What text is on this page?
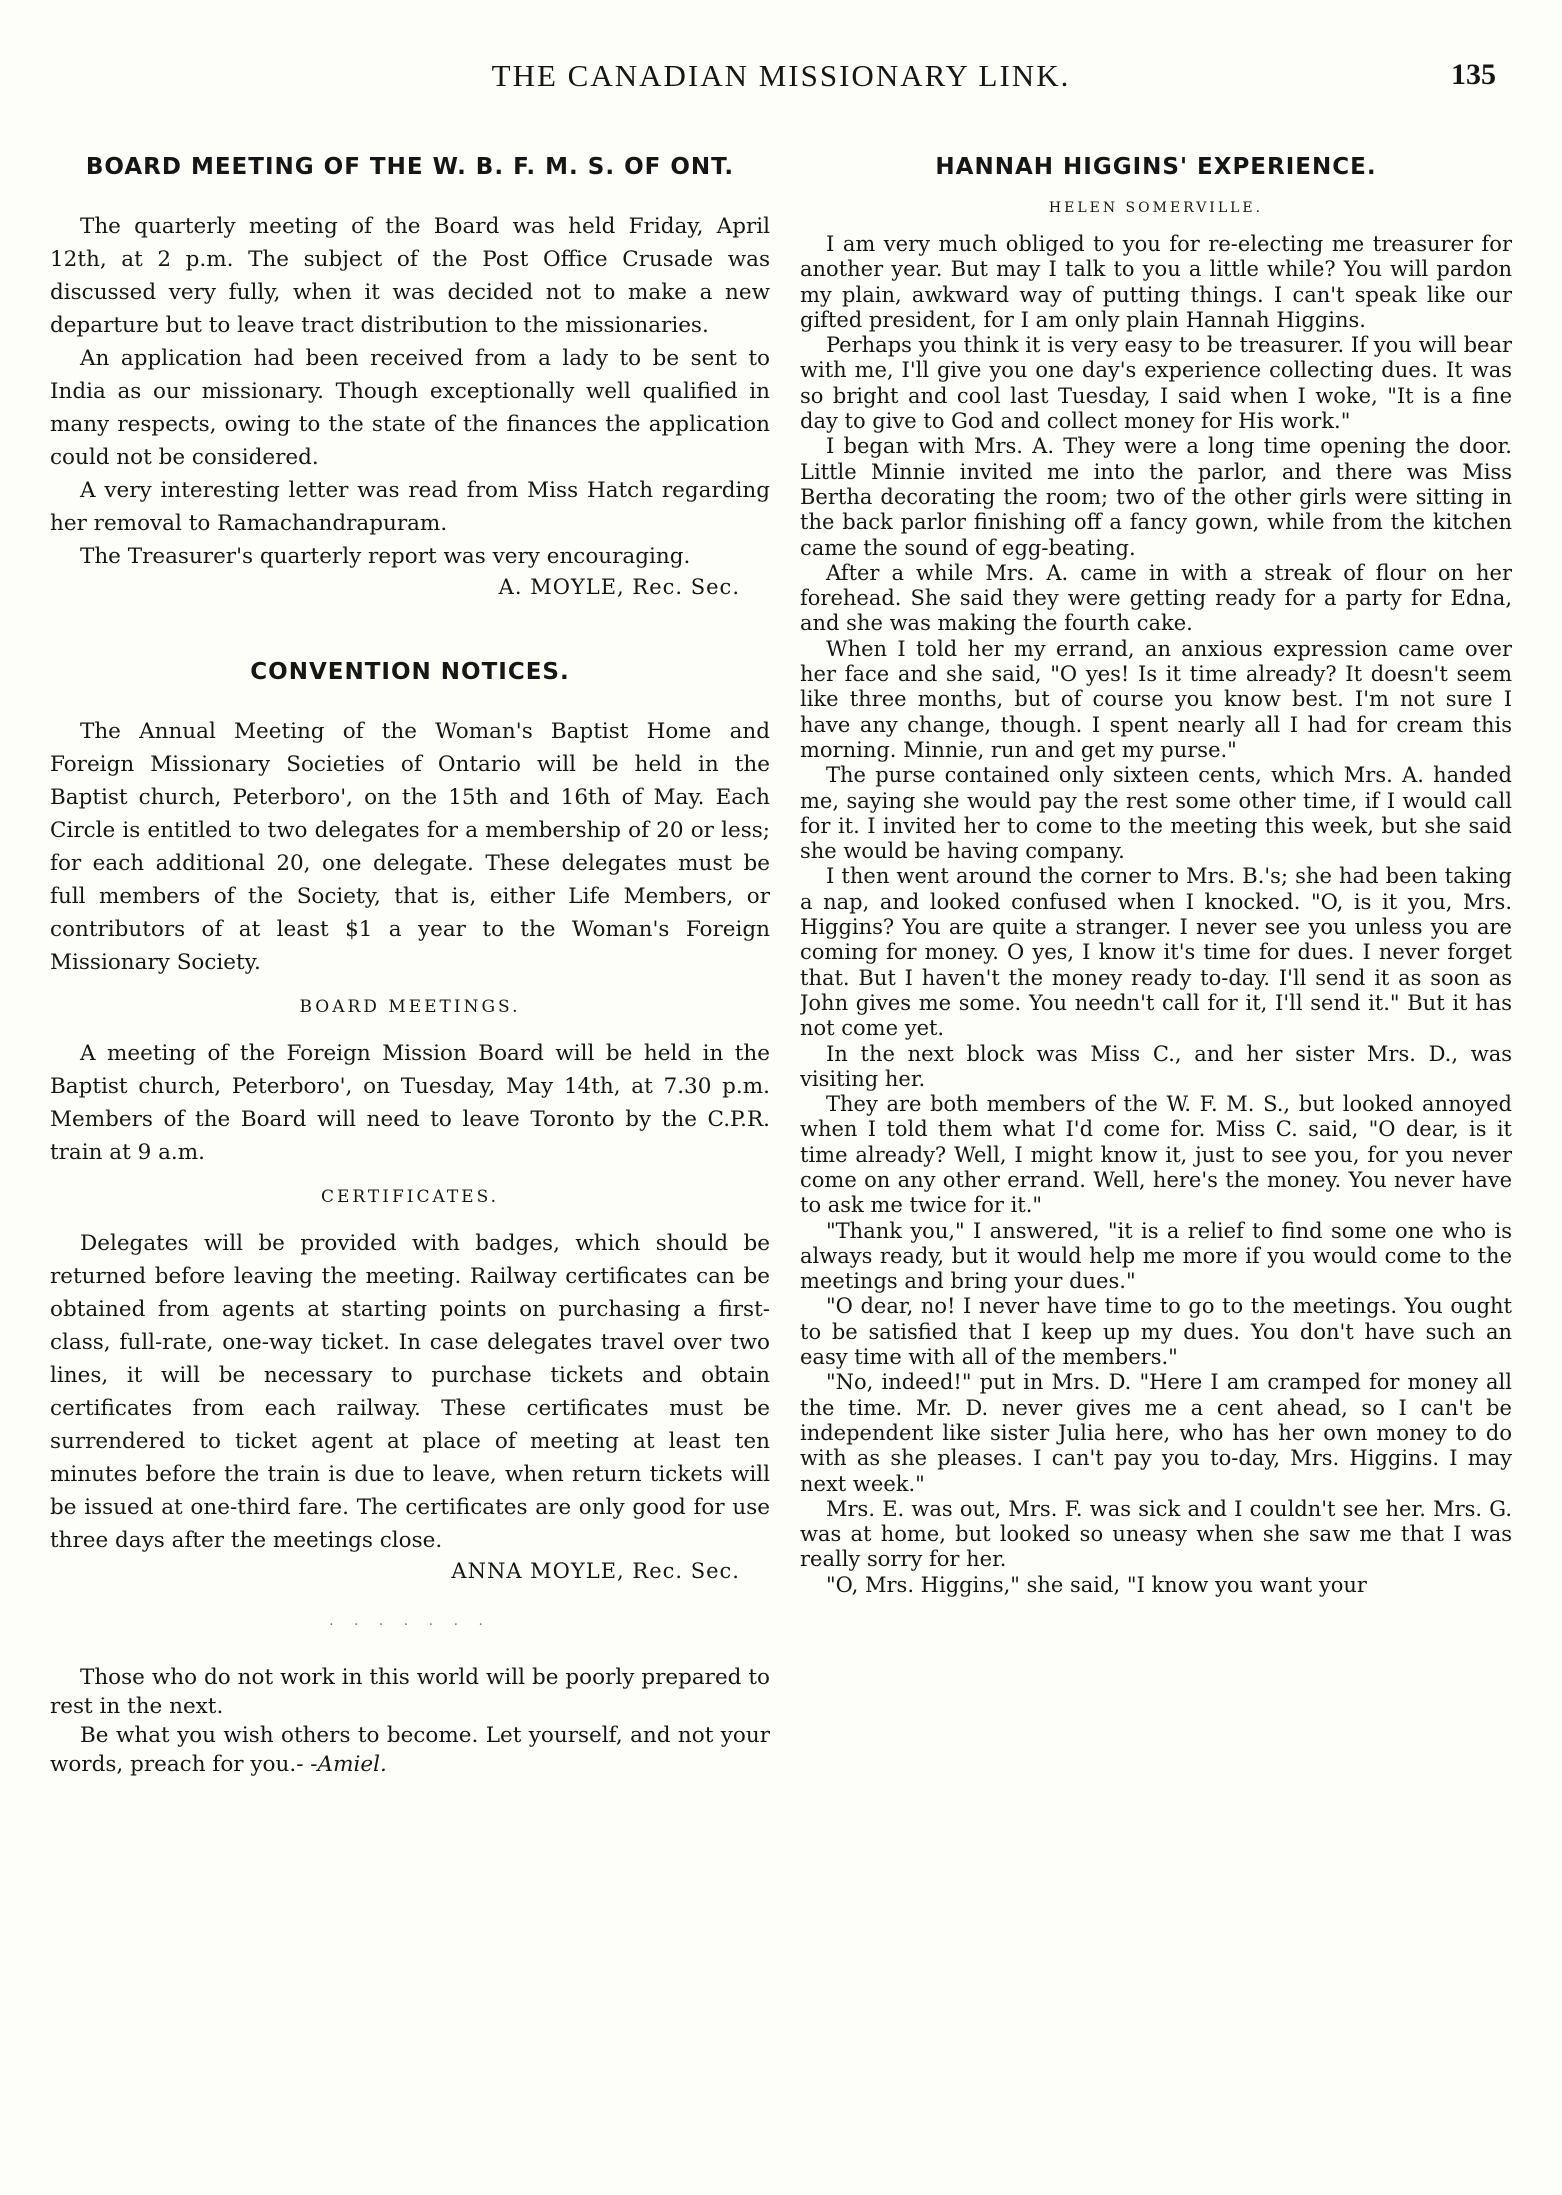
THE CANADIAN MISSIONARY LINK.	135
BOARD MEETING OF THE W. B. F. M. S. OF ONT.

The quarterly meeting of the Board was held Friday, April 12th, at 2 p.m. The subject of the Post Office Crusade was discussed very fully, when it was decided not to make a new departure but to leave tract distribution to the missionaries.

An application had been received from a lady to be sent to India as our missionary. Though exceptionally well qualified in many respects, owing to the state of the finances the application could not be considered.

A very interesting letter was read from Miss Hatch regarding her removal to Ramachandrapuram.

The Treasurer's quarterly report was very encouraging.

A. MOYLE, Rec. Sec.
CONVENTION NOTICES.

The Annual Meeting of the Woman's Baptist Home and Foreign Missionary Societies of Ontario will be held in the Baptist church, Peterboro', on the 15th and 16th of May. Each Circle is entitled to two delegates for a membership of 20 or less; for each additional 20, one delegate. These delegates must be full members of the Society, that is, either Life Members, or contributors of at least $1 a year to the Woman's Foreign Missionary Society.

BOARD MEETINGS.

A meeting of the Foreign Mission Board will be held in the Baptist church, Peterboro', on Tuesday, May 14th, at 7.30 p.m. Members of the Board will need to leave Toronto by the C.P.R. train at 9 a.m.

CERTIFICATES.

Delegates will be provided with badges, which should be returned before leaving the meeting. Railway certificates can be obtained from agents at starting points on purchasing a first-class, full-rate, one-way ticket. In case delegates travel over two lines, it will be necessary to purchase tickets and obtain certificates from each railway. These certificates must be surrendered to ticket agent at place of meeting at least ten minutes before the train is due to leave, when return tickets will be issued at one-third fare. The certificates are only good for use three days after the meetings close.

ANNA MOYLE, Rec. Sec.
· · · · · · ·

Those who do not work in this world will be poorly prepared to rest in the next.

Be what you wish others to become. Let yourself, and not your words, preach for you.- -Amiel.

HANNAH HIGGINS' EXPERIENCE.
HELEN SOMERVILLE.

I am very much obliged to you for re-electing me treasurer for another year. But may I talk to you a little while? You will pardon my plain, awkward way of putting things. I can't speak like our gifted president, for I am only plain Hannah Higgins.

Perhaps you think it is very easy to be treasurer. If you will bear with me, I'll give you one day's experience collecting dues. It was so bright and cool last Tuesday, I said when I woke, "It is a fine day to give to God and collect money for His work."

I began with Mrs. A. They were a long time opening the door. Little Minnie invited me into the parlor, and there was Miss Bertha decorating the room; two of the other girls were sitting in the back parlor finishing off a fancy gown, while from the kitchen came the sound of egg-beating.

After a while Mrs. A. came in with a streak of flour on her forehead. She said they were getting ready for a party for Edna, and she was making the fourth cake.

When I told her my errand, an anxious expression came over her face and she said, "O yes! Is it time already? It doesn't seem like three months, but of course you know best. I'm not sure I have any change, though. I spent nearly all I had for cream this morning. Minnie, run and get my purse."

The purse contained only sixteen cents, which Mrs. A. handed me, saying she would pay the rest some other time, if I would call for it. I invited her to come to the meeting this week, but she said she would be having company.

I then went around the corner to Mrs. B.'s; she had been taking a nap, and looked confused when I knocked. "O, is it you, Mrs. Higgins? You are quite a stranger. I never see you unless you are coming for money. O yes, I know it's time for dues. I never forget that. But I haven't the money ready to-day. I'll send it as soon as John gives me some. You needn't call for it, I'll send it." But it has not come yet.

In the next block was Miss C., and her sister Mrs. D., was visiting her.

They are both members of the W. F. M. S., but looked annoyed when I told them what I'd come for. Miss C. said, "O dear, is it time already? Well, I might know it, just to see you, for you never come on any other errand. Well, here's the money. You never have to ask me twice for it."

"Thank you," I answered, "it is a relief to find some one who is always ready, but it would help me more if you would come to the meetings and bring your dues."

"O dear, no! I never have time to go to the meetings. You ought to be satisfied that I keep up my dues. You don't have such an easy time with all of the members."

"No, indeed!" put in Mrs. D. "Here I am cramped for money all the time. Mr. D. never gives me a cent ahead, so I can't be independent like sister Julia here, who has her own money to do with as she pleases. I can't pay you to-day, Mrs. Higgins. I may next week."

Mrs. E. was out, Mrs. F. was sick and I couldn't see her. Mrs. G. was at home, but looked so uneasy when she saw me that I was really sorry for her.

"O, Mrs. Higgins," she said, "I know you want your
